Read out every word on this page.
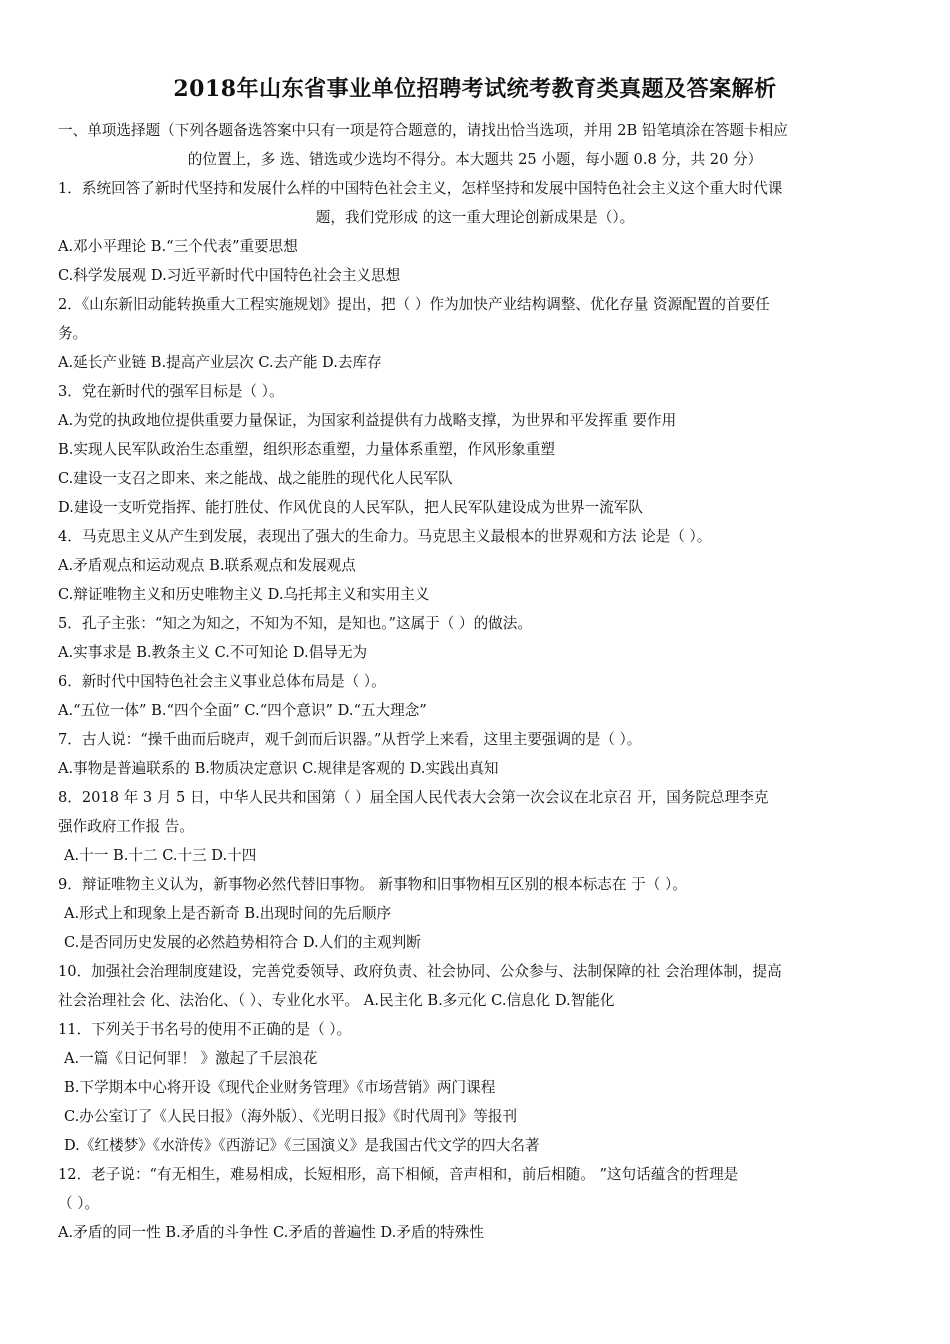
2018年山东省事业单位招聘考试统考教育类真题及答案解析
一、单项选择题（下列各题备选答案中只有一项是符合题意的，请找出恰当选项，并用 2B 铅笔填涂在答题卡相应
的位置上，多 选、错选或少选均不得分。本大题共 25 小题，每小题 0.8 分，共 20 分）
1．系统回答了新时代坚持和发展什么样的中国特色社会主义，怎样坚持和发展中国特色社会主义这个重大时代课
题，我们党形成 的这一重大理论创新成果是（）。
A.邓小平理论 B.“三个代表”重要思想
C.科学发展观 D.习近平新时代中国特色社会主义思想
2．《山东新旧动能转换重大工程实施规划》提出，把（ ）作为加快产业结构调整、优化存量 资源配置的首要任
务。
A.延长产业链 B.提高产业层次 C.去产能 D.去库存
3．党在新时代的强军目标是（ ）。
A.为党的执政地位提供重要力量保证，为国家利益提供有力战略支撑，为世界和平发挥重 要作用
B.实现人民军队政治生态重塑，组织形态重塑，力量体系重塑，作风形象重塑
C.建设一支召之即来、来之能战、战之能胜的现代化人民军队
D.建设一支听党指挥、能打胜仗、作风优良的人民军队，把人民军队建设成为世界一流军队
4．马克思主义从产生到发展，表现出了强大的生命力。马克思主义最根本的世界观和方法 论是（ ）。
A.矛盾观点和运动观点 B.联系观点和发展观点
C.辩证唯物主义和历史唯物主义 D.乌托邦主义和实用主义
5．孔子主张：“知之为知之，不知为不知，是知也。”这属于（ ）的做法。
A.实事求是 B.教条主义 C.不可知论 D.倡导无为
6．新时代中国特色社会主义事业总体布局是（ ）。
A.“五位一体” B.“四个全面” C.“四个意识” D.“五大理念”
7．古人说：“操千曲而后晓声，观千剑而后识器。”从哲学上来看，这里主要强调的是（ ）。
A.事物是普遍联系的 B.物质决定意识 C.规律是客观的 D.实践出真知
8．2018 年 3 月 5 日，中华人民共和国第（ ）届全国人民代表大会第一次会议在北京召 开，国务院总理李克
强作政府工作报 告。
A.十一 B.十二 C.十三 D.十四
9．辩证唯物主义认为，新事物必然代替旧事物。 新事物和旧事物相互区别的根本标志在 于（ ）。
A.形式上和现象上是否新奇 B.出现时间的先后顺序
C.是否同历史发展的必然趋势相符合 D.人们的主观判断
10．加强社会治理制度建设，完善党委领导、政府负责、社会协同、公众参与、法制保障的社 会治理体制，提高
社会治理社会 化、法治化、（ ）、专业化水平。 A.民主化 B.多元化 C.信息化 D.智能化
11．下列关于书名号的使用不正确的是（ ）。
A.一篇《日记何罪！ 》激起了千层浪花
B.下学期本中心将开设《现代企业财务管理》《市场营销》两门课程
C.办公室订了《人民日报》（海外版）、《光明日报》《时代周刊》等报刊
D.《红楼梦》《水浒传》《西游记》《三国演义》是我国古代文学的四大名著
12．老子说：“有无相生，难易相成，长短相形，高下相倾，音声相和，前后相随。 ”这句话蕴含的哲理是
（ ）。
A.矛盾的同一性 B.矛盾的斗争性 C.矛盾的普遍性 D.矛盾的特殊性
